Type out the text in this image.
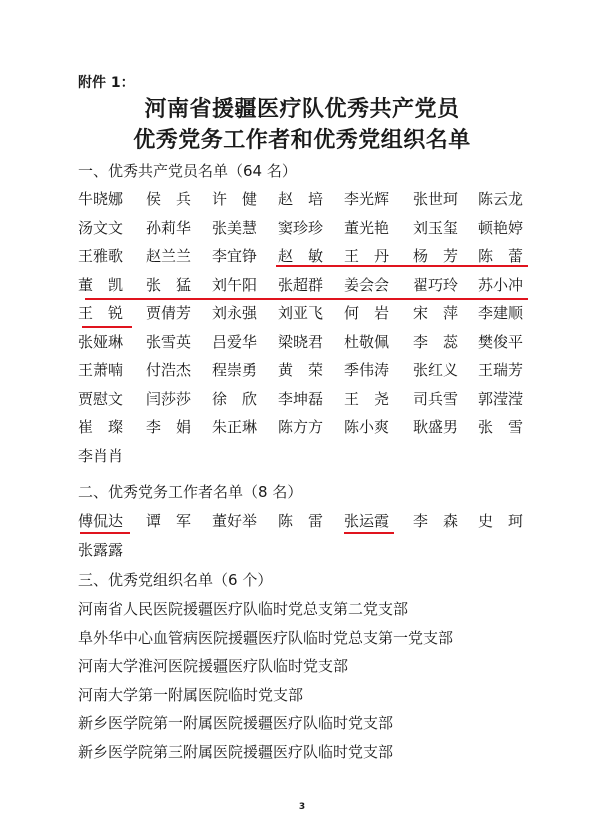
附件 1：
河南省援疆医疗队优秀共产党员
优秀党务工作者和优秀党组织名单
一、优秀共产党员名单（64 名）
牛晓娜	侯　兵	许　健	赵　培	李光辉	张世珂	陈云龙
汤文文	孙莉华	张美慧	窦珍珍	董光艳	刘玉玺	顿艳婷
王雅歌	赵兰兰	李宜铮	赵　敏	王　丹	杨　芳	陈　蕾
董　凯	张　猛	刘午阳	张超群	姜会会	翟巧玲	苏小冲
王　锐	贾倩芳	刘永强	刘亚飞	何　岩	宋　萍	李建顺
张娅琳	张雪英	吕爱华	梁晓君	杜敬佩	李　蕊	樊俊平
王萧喃	付浩杰	程崇勇	黄　荣	季伟涛	张红义	王瑞芳
贾慰文	闫莎莎	徐　欣	李坤磊	王　尧	司兵雪	郭滢滢
崔　璨	李　娟	朱正琳	陈方方	陈小爽	耿盛男	张　雪
李肖肖
二、优秀党务工作者名单（8 名）
傅侃达	谭　军	董好举	陈　雷	张运霞	李　森	史　珂
张露露
三、优秀党组织名单（6 个）
河南省人民医院援疆医疗队临时党总支第二党支部
阜外华中心血管病医院援疆医疗队临时党总支第一党支部
河南大学淮河医院援疆医疗队临时党支部
河南大学第一附属医院临时党支部
新乡医学院第一附属医院援疆医疗队临时党支部
新乡医学院第三附属医院援疆医疗队临时党支部
3
